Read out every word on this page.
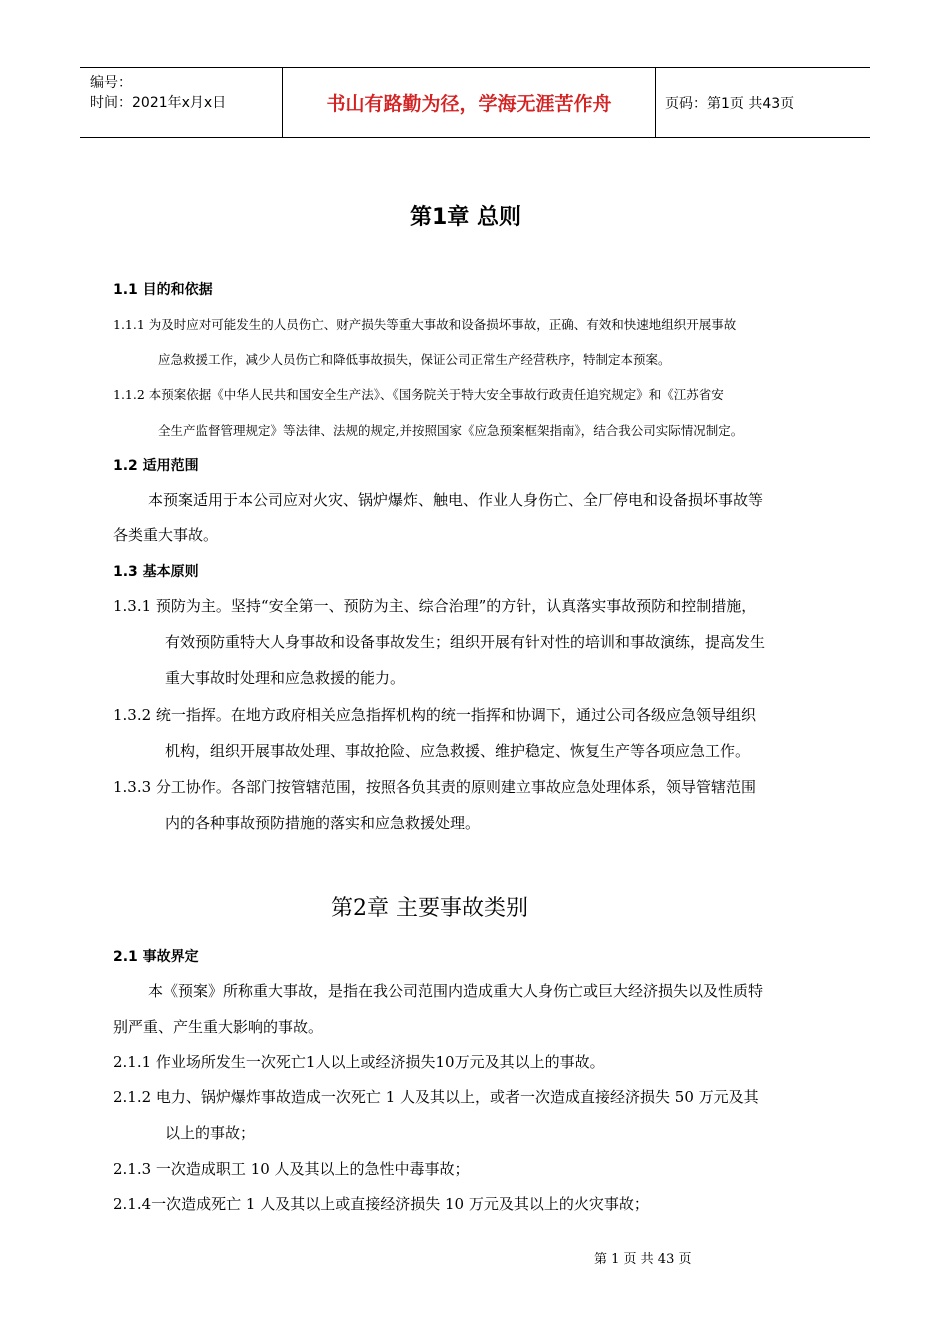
编号：
时间：2021年x月x日	书山有路勤为径，学海无涯苦作舟	页码：第1页 共43页
第1章 总则
1.1 目的和依据
1.1.1 为及时应对可能发生的人员伤亡、财产损失等重大事故和设备损坏事故，正确、有效和快速地组织开展事故
应急救援工作，减少人员伤亡和降低事故损失，保证公司正常生产经营秩序，特制定本预案。
1.1.2 本预案依据《中华人民共和国安全生产法》、《国务院关于特大安全事故行政责任追究规定》和《江苏省安
全生产监督管理规定》等法律、法规的规定,并按照国家《应急预案框架指南》，结合我公司实际情况制定。
1.2 适用范围
本预案适用于本公司应对火灾、锅炉爆炸、触电、作业人身伤亡、全厂停电和设备损坏事故等
各类重大事故。
1.3 基本原则
1.3.1 预防为主。坚持“安全第一、预防为主、综合治理”的方针，认真落实事故预防和控制措施，
有效预防重特大人身事故和设备事故发生；组织开展有针对性的培训和事故演练，提高发生
重大事故时处理和应急救援的能力。
1.3.2 统一指挥。在地方政府相关应急指挥机构的统一指挥和协调下，通过公司各级应急领导组织
机构，组织开展事故处理、事故抢险、应急救援、维护稳定、恢复生产等各项应急工作。
1.3.3 分工协作。各部门按管辖范围，按照各负其责的原则建立事故应急处理体系，领导管辖范围
内的各种事故预防措施的落实和应急救援处理。
第2章 主要事故类别
2.1 事故界定
本《预案》所称重大事故，是指在我公司范围内造成重大人身伤亡或巨大经济损失以及性质特
别严重、产生重大影响的事故。
2.1.1 作业场所发生一次死亡1人以上或经济损失10万元及其以上的事故。
2.1.2 电力、锅炉爆炸事故造成一次死亡 1 人及其以上，或者一次造成直接经济损失 50 万元及其
以上的事故；
2.1.3 一次造成职工 10 人及其以上的急性中毒事故；
2.1.4一次造成死亡 1 人及其以上或直接经济损失 10 万元及其以上的火灾事故；
第 1 页 共 43 页
